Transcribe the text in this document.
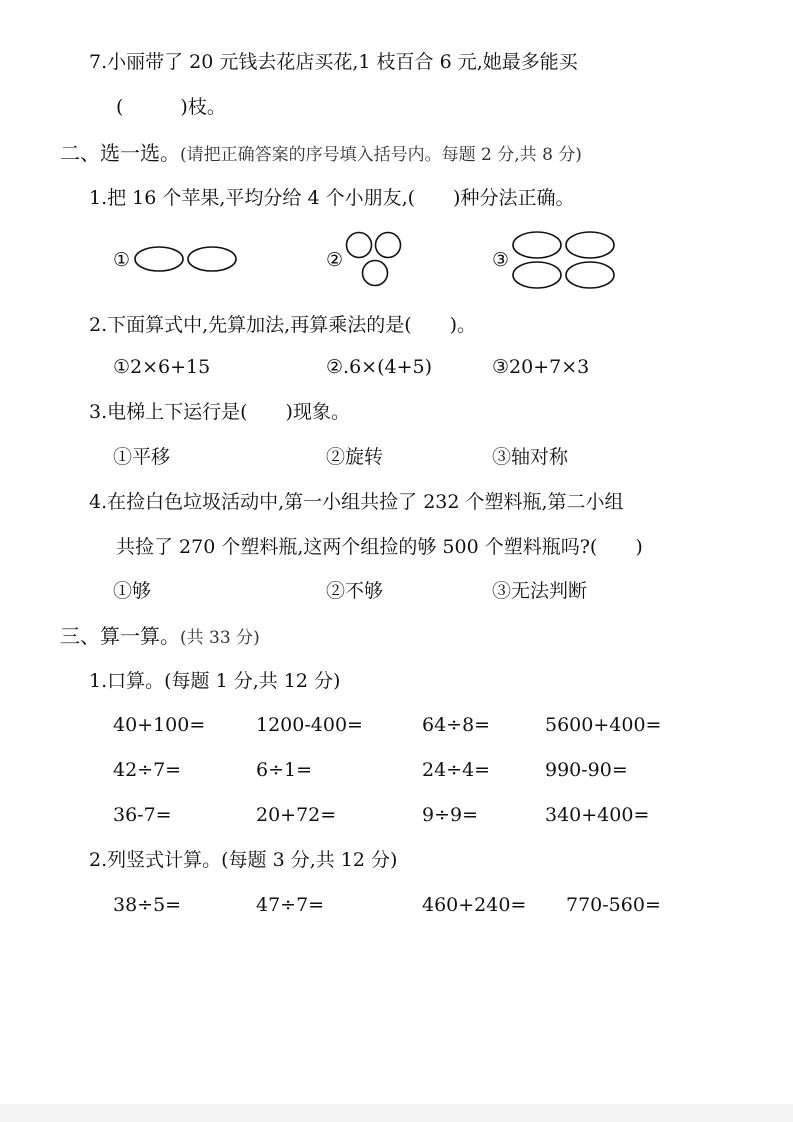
7.小丽带了 20 元钱去花店买花,1 枝百合 6 元,她最多能买
(　　　)枝。
二、选一选。(请把正确答案的序号填入括号内。每题 2 分,共 8 分)
1.把 16 个苹果,平均分给 4 个小朋友,(　　)种分法正确。
①	②	③
2.下面算式中,先算加法,再算乘法的是(　　)。
①2×6+15	②.6×(4+5)	③20+7×3
3.电梯上下运行是(　　)现象。
①平移	②旋转	③轴对称
4.在捡白色垃圾活动中,第一小组共捡了 232 个塑料瓶,第二小组
共捡了 270 个塑料瓶,这两个组捡的够 500 个塑料瓶吗?(　　)
①够	②不够	③无法判断
三、算一算。(共 33 分)
1.口算。(每题 1 分,共 12 分)
40+100=	1200-400=	64÷8=	5600+400=
42÷7=	6÷1=	24÷4=	990-90=
36-7=	20+72=	9÷9=	340+400=
2.列竖式计算。(每题 3 分,共 12 分)
38÷5=	47÷7=	460+240= 770-560=
